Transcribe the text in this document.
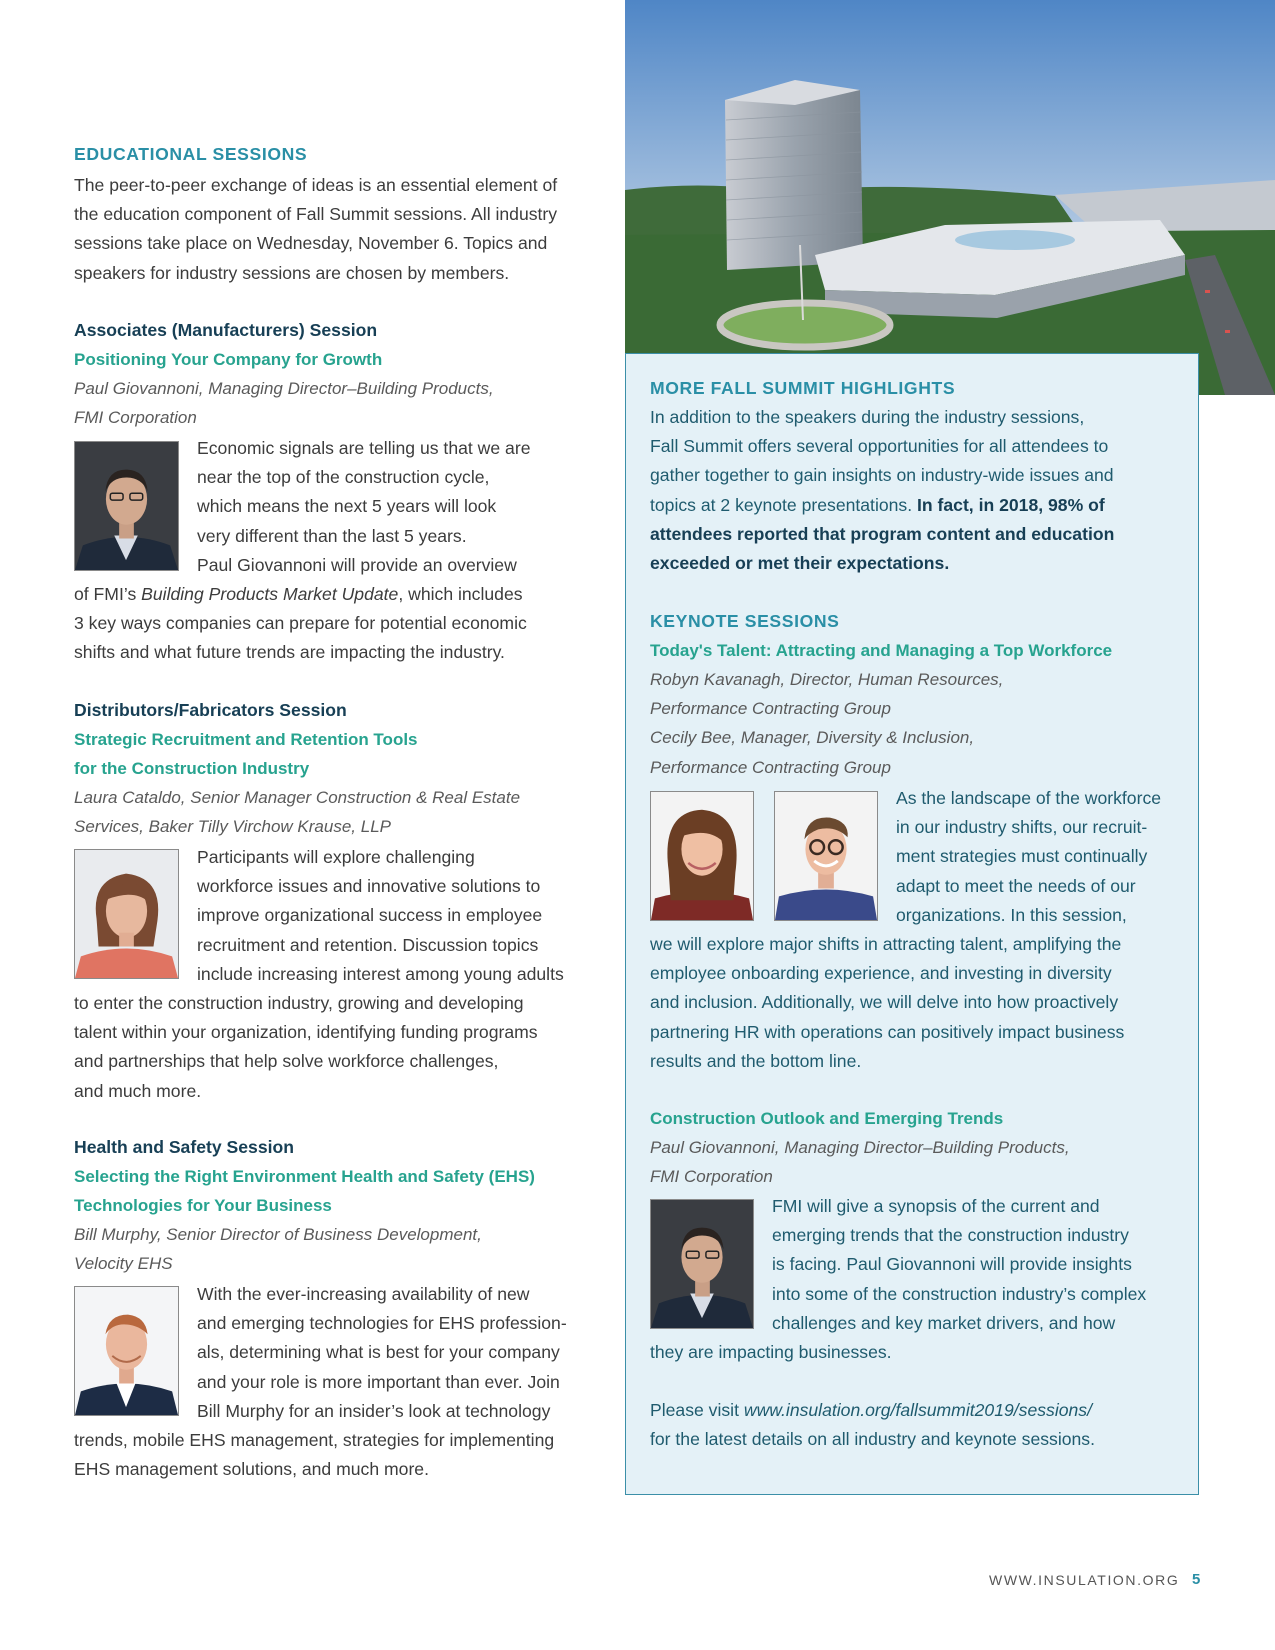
EDUCATIONAL SESSIONS
The peer-to-peer exchange of ideas is an essential element of
the education component of Fall Summit sessions. All industry
sessions take place on Wednesday, November 6. Topics and
speakers for industry sessions are chosen by members.
Associates (Manufacturers) Session
Positioning Your Company for Growth
Paul Giovannoni, Managing Director–Building Products,
FMI Corporation
Economic signals are telling us that we are
near the top of the construction cycle,
which means the next 5 years will look
very different than the last 5 years.
Paul Giovannoni will provide an overview
of FMI’s Building Products Market Update, which includes
3 key ways companies can prepare for potential economic
shifts and what future trends are impacting the industry.
Distributors/Fabricators Session
Strategic Recruitment and Retention Tools
for the Construction Industry
Laura Cataldo, Senior Manager Construction & Real Estate
Services, Baker Tilly Virchow Krause, LLP
Participants will explore challenging
workforce issues and innovative solutions to
improve organizational success in employee
recruitment and retention. Discussion topics
include increasing interest among young adults
to enter the construction industry, growing and developing
talent within your organization, identifying funding programs
and partnerships that help solve workforce challenges,
and much more.
Health and Safety Session
Selecting the Right Environment Health and Safety (EHS)
Technologies for Your Business
Bill Murphy, Senior Director of Business Development,
Velocity EHS
With the ever-increasing availability of new
and emerging technologies for EHS profession-
als, determining what is best for your company
and your role is more important than ever. Join
Bill Murphy for an insider’s look at technology
trends, mobile EHS management, strategies for implementing
EHS management solutions, and much more.
MORE FALL SUMMIT HIGHLIGHTS
In addition to the speakers during the industry sessions,
Fall Summit offers several opportunities for all attendees to
gather together to gain insights on industry-wide issues and
topics at 2 keynote presentations. In fact, in 2018, 98% of
attendees reported that program content and education
exceeded or met their expectations.
KEYNOTE SESSIONS
Today's Talent: Attracting and Managing a Top Workforce
Robyn Kavanagh, Director, Human Resources,
Performance Contracting Group
Cecily Bee, Manager, Diversity & Inclusion,
Performance Contracting Group
As the landscape of the workforce
in our industry shifts, our recruit-
ment strategies must continually
adapt to meet the needs of our
organizations. In this session,
we will explore major shifts in attracting talent, amplifying the
employee onboarding experience, and investing in diversity
and inclusion. Additionally, we will delve into how proactively
partnering HR with operations can positively impact business
results and the bottom line.
Construction Outlook and Emerging Trends
Paul Giovannoni, Managing Director–Building Products,
FMI Corporation
FMI will give a synopsis of the current and
emerging trends that the construction industry
is facing. Paul Giovannoni will provide insights
into some of the construction industry’s complex
challenges and key market drivers, and how
they are impacting businesses.
Please visit www.insulation.org/fallsummit2019/sessions/
for the latest details on all industry and keynote sessions.
WWW.INSULATION.ORG 5
